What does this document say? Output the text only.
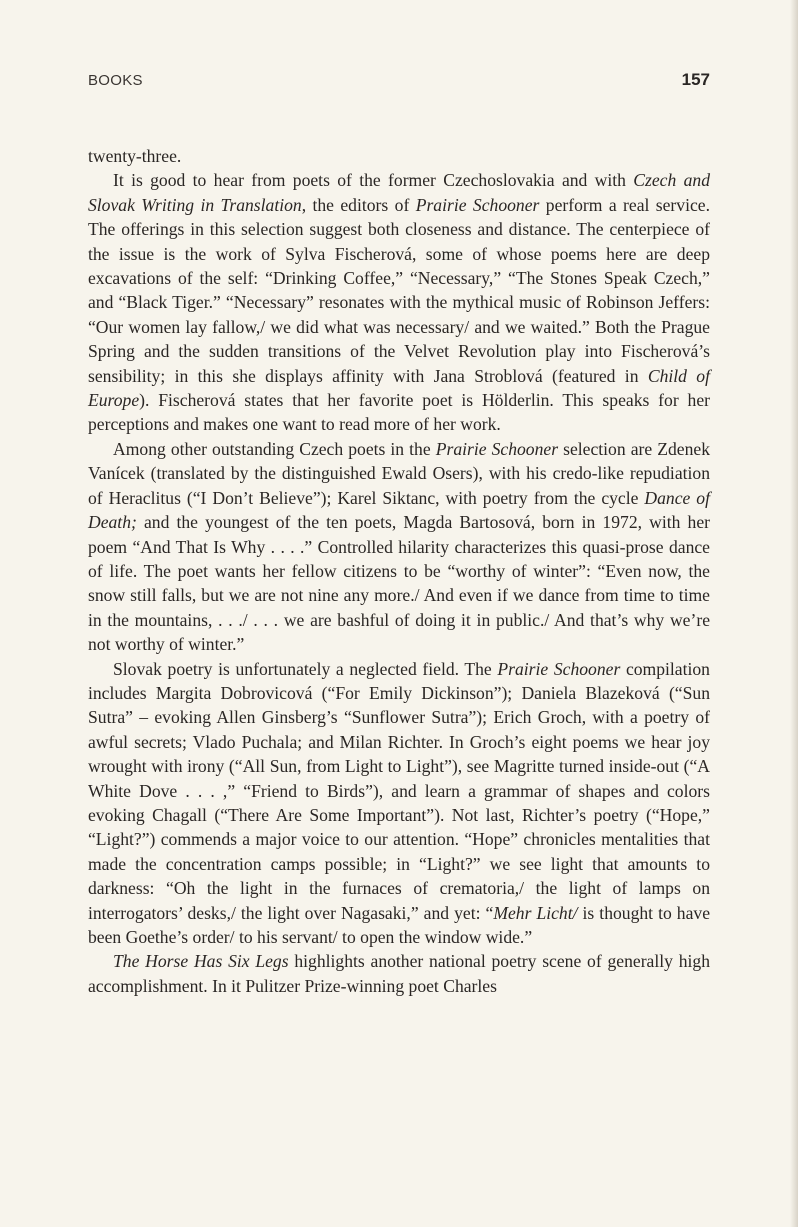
BOOKS	157

twenty-three.

It is good to hear from poets of the former Czechoslovakia and with Czech and Slovak Writing in Translation, the editors of Prairie Schooner perform a real service. The offerings in this selection suggest both closeness and distance. The centerpiece of the issue is the work of Sylva Fischerová, some of whose poems here are deep excavations of the self: “Drinking Coffee,” “Necessary,” “The Stones Speak Czech,” and “Black Tiger.” “Necessary” resonates with the mythical music of Robinson Jeffers: “Our women lay fallow,/ we did what was necessary/ and we waited.” Both the Prague Spring and the sudden transitions of the Velvet Revolution play into Fischerová’s sensibility; in this she displays affinity with Jana Stroblová (featured in Child of Europe). Fischerová states that her favorite poet is Hölderlin. This speaks for her perceptions and makes one want to read more of her work.

Among other outstanding Czech poets in the Prairie Schooner selection are Zdenek Vanícek (translated by the distinguished Ewald Osers), with his credo-like repudiation of Heraclitus (“I Don’t Believe”); Karel Siktanc, with poetry from the cycle Dance of Death; and the youngest of the ten poets, Magda Bartosová, born in 1972, with her poem “And That Is Why . . . .” Controlled hilarity characterizes this quasi-prose dance of life. The poet wants her fellow citizens to be “worthy of winter”: “Even now, the snow still falls, but we are not nine any more./ And even if we dance from time to time in the mountains, . . ./ . . . we are bashful of doing it in public./ And that’s why we’re not worthy of winter.”

Slovak poetry is unfortunately a neglected field. The Prairie Schooner compilation includes Margita Dobrovicová (“For Emily Dickinson”); Daniela Blazeková (“Sun Sutra” – evoking Allen Ginsberg’s “Sunflower Sutra”); Erich Groch, with a poetry of awful secrets; Vlado Puchala; and Milan Richter. In Groch’s eight poems we hear joy wrought with irony (“All Sun, from Light to Light”), see Magritte turned inside-out (“A White Dove . . . ,” “Friend to Birds”), and learn a grammar of shapes and colors evoking Chagall (“There Are Some Important”). Not last, Richter’s poetry (“Hope,” “Light?”) commends a major voice to our attention. “Hope” chronicles mentalities that made the concentration camps possible; in “Light?” we see light that amounts to darkness: “Oh the light in the furnaces of crematoria,/ the light of lamps on interrogators’ desks,/ the light over Nagasaki,” and yet: “Mehr Licht/ is thought to have been Goethe’s order/ to his servant/ to open the window wide.”

The Horse Has Six Legs highlights another national poetry scene of generally high accomplishment. In it Pulitzer Prize-winning poet Charles
